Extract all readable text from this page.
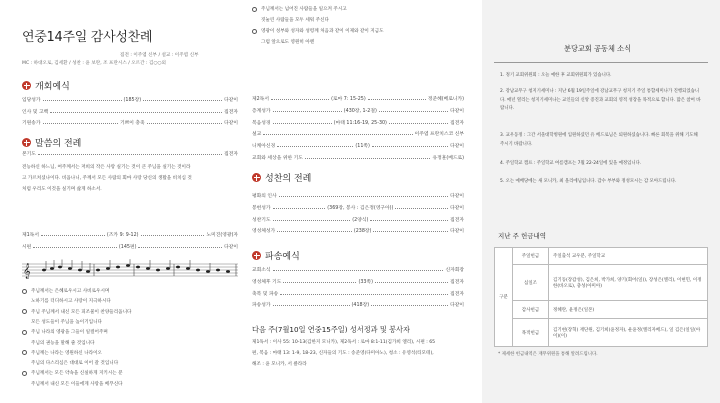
연중14주일 감사성찬례
집전 : 이주엽 신부 / 설교 : 이주엽 신부
MC : 하대오로, 김세환 / 성찬 : 윤 보란, 조 프란시스 / 오르간 : 김○○외
개회예식
입당성가	(185장)	다같이
인사 및 고백	집전자
기원송가	기쁘이 충죽	다같이
말씀의 전례
본기도	집전자
전능하신 하느님, 여주께서는 저희의 작은 사랑 실기는 것이 큰 주님을 실기는 것이라
고 가르쳐셨나이다. 비옵나니, 주께서 모든 사람의 회마 사랑 당신의 생활을 비치심 것
처럼 우리도 이것을 실기며 삶게 하소서.
제1독서	(즈카 9: 9-12)	노미진(영광)자
시편	(145편)	다같이
𝄞
주님께서는 은혜로우시고 사비로우시며
노하기를 더디하시고 사랑이 지극하시다
주님 주님께서 내신 모든 피조물이 찬양들리옵니다
모든 성도들이 주님을 높이기입니다
주님 나라의 영광을 그들이 일컬어주며
주님의 권능을 말해 줄 것입니다
주님께는 나라는 영원하신 나라이오
주님의 다스리심은 대대로 이어 갈 것입니다
주님께서는 모든 약속을 신실하게 지키시는 분
주님께서 내신 모든 이들에게 사랑을 베푸신다
주님께서는 넘어진 사람들을 일으켜 주시고
짓눌린 사람들을 모두 세워 주신다
영광이 성부와 성자와 성령께 처음과 같이 이제와 같이 지금도
그럼 앞으로도 영원히 아멘
제2독서	(로마 7: 15-25)	정준혜(베로니카)
층계성가	(430장, 1-2절)	다같이
복음성경	(마태 11:16-19, 25-30)	집전자
설교	이주엽 프란치스코 신부
니케아신경	(11쪽)	다같이
교회와 세상을 위한 기도	유정훈(베드로)
성찬의 전례
평화의 인사	다같이
봉헌성가	(369장, 봉사 : 김은정(영구아))	다같이
성찬기도	(2양식)	집전자
영성체성가	(238장)	다같이
파송예식
교회소식	신자회장
영성체후 기도	(33쪽)	집전자
축복 및 파송	집전자
파송성가	(418장)	다같이
다음 주(7월10일 연중15주일) 성서정과 및 봉사자
제1독서 : 이사 55: 10-13(김한지 모니카), 제2독서 : 로마 8:1-11(김가희 엘리), 시편 : 65
편, 복음 : 마태 13: 1-9, 18-23, 신자들의 기도 : 송준영(다미아노), 청소 : 유영석(티모테),
해조 : 윤 모니카, 서 클라라
분당교회 공동체 소식
1. 정기 교회위원회 : 오늘 예한 후 교회위원회가 있습니다.
2. 강남교무구 청지기세미나 : 지난 6월 19일주일에 강남교무구 청지기 주일 통합세미나가 진행되었습니다. 매년 열리는 청지기세미나는 교인들의 신앙 증진과 교회의 영적 성장을 목적으로 합니다. 많은 참여 바랍니다.
3. 교우동정 : 그간 서울대학병원에 입원하셨던 유 베드로님은 퇴원하셨습니다. 빠른 회복을 위해 기도해 주시기 바랍니다.
4. 주일학교 캠프 : 주일학교 여름캠프는 7월 22-24일에 있을 예정입니다.
5. 오는 예배당에는 새 모니카, 최 올리에님입니다. 감수 부부와 정성모시는 감 모아드립니다.
지난 주 헌금내역
구분	주일헌금	주일출석 교우분, 주일학교
	십일조	김기동(장갑성), 김은희, 박가희, 양기(회어(일)), 장성은(엘리), 이현민, 이정한(바오로), 충성(아미아)
	감사헌금	정혜란, 윤정은(일본)
	목적헌금	김기현(장혁) 재단원, 김기희(윤정자), 운윤정(엘리자베드), 일 김은(일일(아이)(이)
* 제세한 헌금내역은 재무위원을 통해 알려드립니다.
